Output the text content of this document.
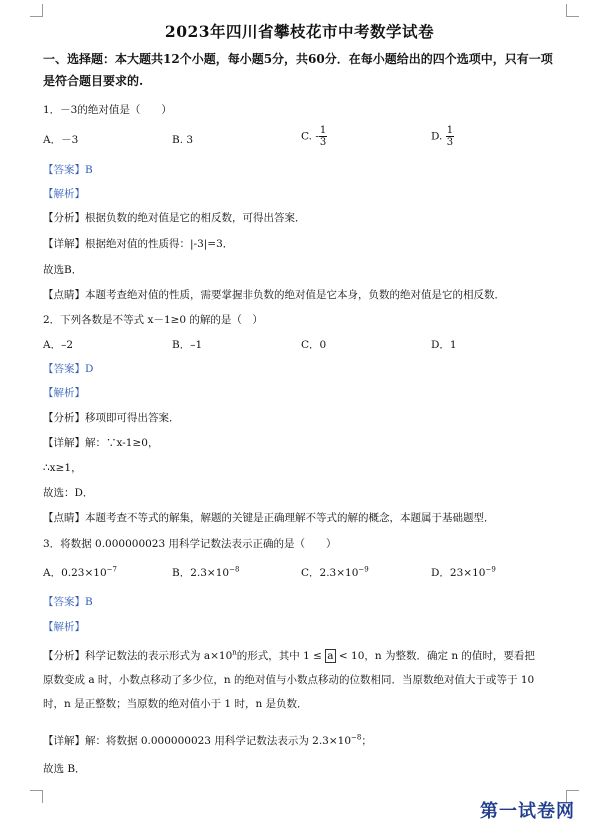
2023年四川省攀枝花市中考数学试卷
一、选择题：本大题共12个小题，每小题5分，共60分．在每小题给出的四个选项中，只有一项是符合题目要求的.
1．－3的绝对值是（　　）
A．－3	B. 3	C. - $\frac{1}{3}$	D. $\frac{1}{3}$
【答案】B
【解析】
【分析】根据负数的绝对值是它的相反数，可得出答案．
【详解】根据绝对值的性质得：|-3|=3．
故选B．
【点睛】本题考查绝对值的性质，需要掌握非负数的绝对值是它本身，负数的绝对值是它的相反数．
2．下列各数是不等式 x－1≥0 的解的是（　）
A．–2	B．–1	C．0	D．1
【答案】D
【解析】
【分析】移项即可得出答案．
【详解】解：∵x-1≥0，
∴x≥1，
故选：D．
【点睛】本题考查不等式的解集，解题的关键是正确理解不等式的解的概念，本题属于基础题型．
3．将数据 0.000000023 用科学记数法表示正确的是（　　）
A．$0.23\times 10^{-7}$	B．$2.3\times 10^{-8}$	C．$2.3\times 10^{-9}$	D．$23\times 10^{-9}$
【答案】B
【解析】
【分析】科学记数法的表示形式为 $a\times 10^n$的形式，其中 1 ≤ a < 10，n 为整数．确定 n 的值时，要看把
原数变成 a 时，小数点移动了多少位，n 的绝对值与小数点移动的位数相同．当原数绝对值大于或等于 10
时，n 是正整数；当原数的绝对值小于 1 时，n 是负数．
【详解】解：将数据 0.000000023 用科学记数法表示为 $2.3\times 10^{-8}$；
故选 B．
第一试卷网
